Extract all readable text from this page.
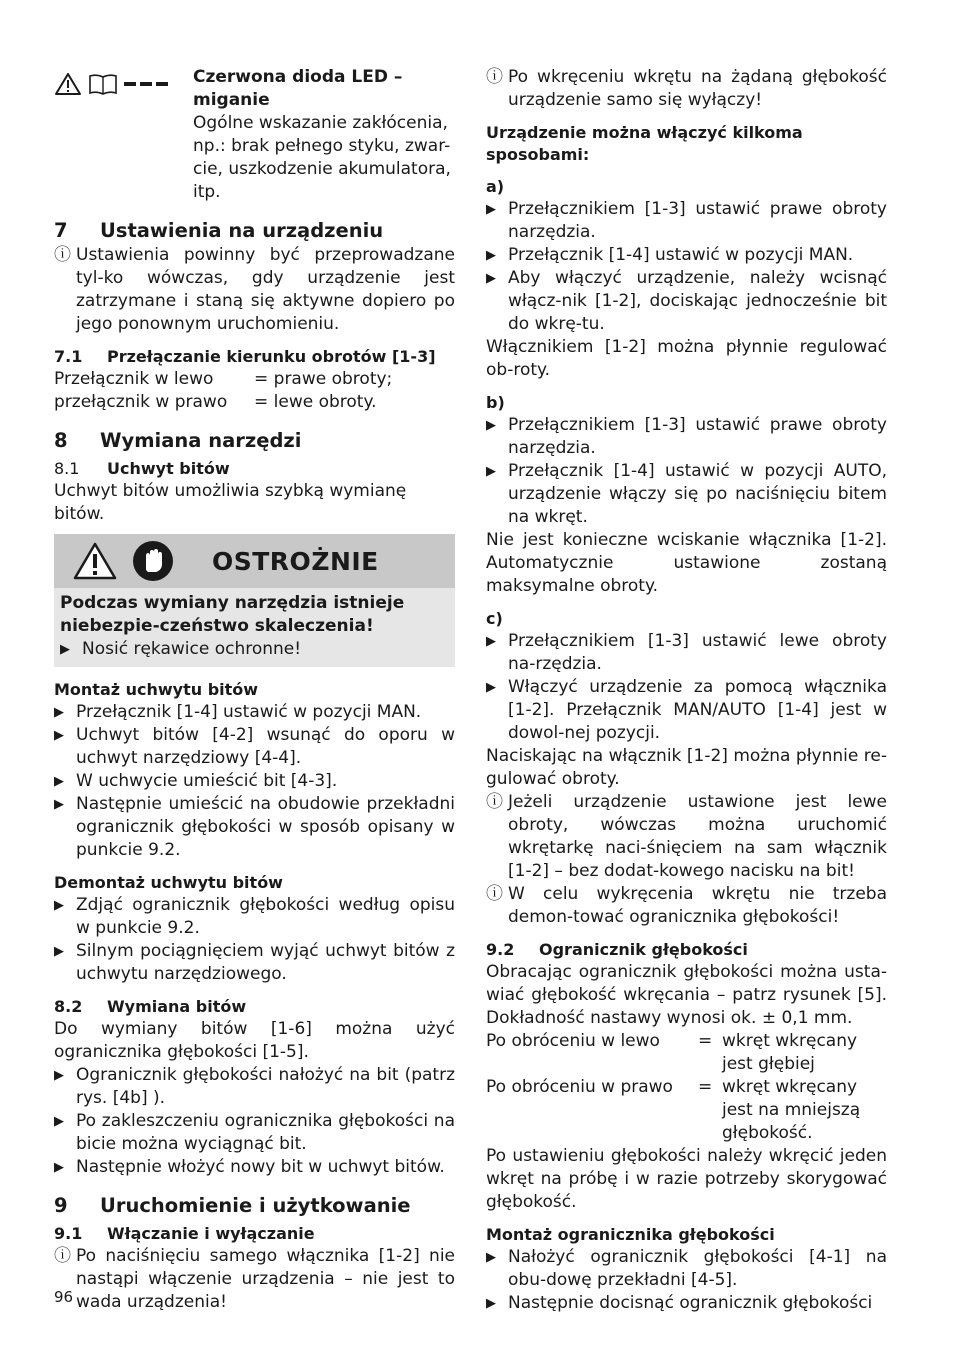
Czerwona dioda LED – miganie
Ogólne wskazanie zakłócenia,
np.: brak pełnego styku, zwar-
cie, uszkodzenie akumulatora,
itp.
7	Ustawienia na urządzeniu
ⓘ Ustawienia powinny być przeprowadzane tyl-ko wówczas, gdy urządzenie jest zatrzymane i staną się aktywne dopiero po jego ponownym uruchomieniu.
7.1	Przełączanie kierunku obrotów [1-3]
Przełącznik w lewo	= prawe obroty;
przełącznik w prawo	= lewe obroty.
8	Wymiana narzędzi
8.1	Uchwyt bitów
Uchwyt bitów umożliwia szybką wymianę bitów.
OSTROŻNIE
Podczas wymiany narzędzia istnieje niebezpie-czeństwo skaleczenia!
▶ Nosić rękawice ochronne!
Montaż uchwytu bitów
▶ Przełącznik [1-4] ustawić w pozycji MAN.
▶ Uchwyt bitów [4-2] wsunąć do oporu w uchwyt narzędziowy [4-4].
▶ W uchwycie umieścić bit [4-3].
▶ Następnie umieścić na obudowie przekładni ogranicznik głębokości w sposób opisany w punkcie 9.2.
Demontaż uchwytu bitów
▶ Zdjąć ogranicznik głębokości według opisu w punkcie 9.2.
▶ Silnym pociągnięciem wyjąć uchwyt bitów z uchwytu narzędziowego.
8.2	Wymiana bitów
Do wymiany bitów [1-6] można użyć ogranicznika głębokości [1-5].
▶ Ogranicznik głębokości nałożyć na bit (patrz rys. [4b] ).
▶ Po zakleszczeniu ogranicznika głębokości na bicie można wyciągnąć bit.
▶ Następnie włożyć nowy bit w uchwyt bitów.
9	Uruchomienie i użytkowanie
9.1	Włączanie i wyłączanie
ⓘ Po naciśnięciu samego włącznika [1-2] nie nastąpi włączenie urządzenia – nie jest to wada urządzenia!
ⓘ Po wkręceniu wkrętu na żądaną głębokość urządzenie samo się wyłączy!
Urządzenie można włączyć kilkoma sposobami:
a)
▶ Przełącznikiem [1-3] ustawić prawe obroty narzędzia.
▶ Przełącznik [1-4] ustawić w pozycji MAN.
▶ Aby włączyć urządzenie, należy wcisnąć włącz-nik [1-2], dociskając jednocześnie bit do wkrę-tu.
Włącznikiem [1-2] można płynnie regulować ob-roty.
b)
▶ Przełącznikiem [1-3] ustawić prawe obroty narzędzia.
▶ Przełącznik [1-4] ustawić w pozycji AUTO, urządzenie włączy się po naciśnięciu bitem na wkręt.
Nie jest konieczne wciskanie włącznika [1-2]. Automatycznie ustawione zostaną maksymalne obroty.
c)
▶ Przełącznikiem [1-3] ustawić lewe obroty na-rzędzia.
▶ Włączyć urządzenie za pomocą włącznika [1-2]. Przełącznik MAN/AUTO [1-4] jest w dowol-nej pozycji.
Naciskając na włącznik [1-2] można płynnie re-gulować obroty.
ⓘ Jeżeli urządzenie ustawione jest lewe obroty, wówczas można uruchomić wkrętarkę naci-śnięciem na sam włącznik [1-2] – bez dodat-kowego nacisku na bit!
ⓘ W celu wykręcenia wkrętu nie trzeba demon-tować ogranicznika głębokości!
9.2	Ogranicznik głębokości
Obracając ogranicznik głębokości można usta-wiać głębokość wkręcania – patrz rysunek [5]. Dokładność nastawy wynosi ok. ± 0,1 mm.
Po obróceniu w lewo	= wkręt wkręcany jest głębiej
Po obróceniu w prawo	= wkręt wkręcany jest na mniejszą głębokość.
Po ustawieniu głębokości należy wkręcić jeden wkręt na próbę i w razie potrzeby skorygować głębokość.
Montaż ogranicznika głębokości
▶ Nałożyć ogranicznik głębokości [4-1] na obu-dowę przekładni [4-5].
▶ Następnie docisnąć ogranicznik głębokości
96
